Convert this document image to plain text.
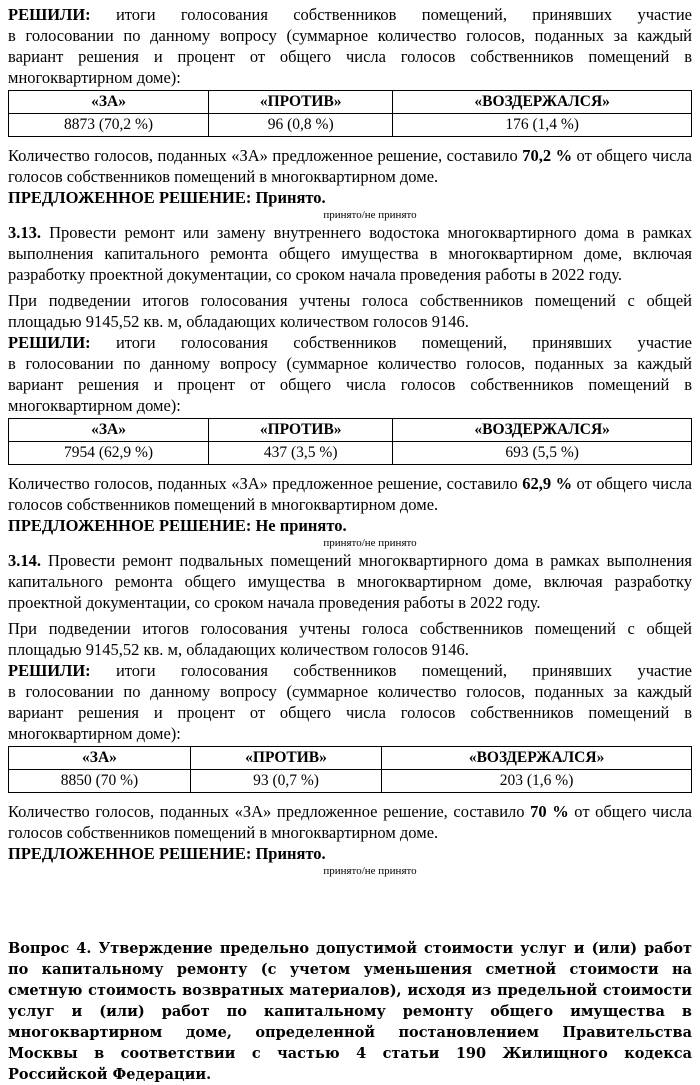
РЕШИЛИ: итоги голосования собственников помещений, принявших участие

в голосовании по данному вопросу (суммарное количество голосов, поданных за каждый вариант решения и процент от общего числа голосов собственников помещений в многоквартирном доме):

«ЗА»	«ПРОТИВ»	«ВОЗДЕРЖАЛСЯ»
8873 (70,2 %)	96 (0,8 %)	176 (1,4 %)

Количество голосов, поданных «ЗА» предложенное решение, составило 70,2 % от общего числа голосов собственников помещений в многоквартирном доме.

ПРЕДЛОЖЕННОЕ РЕШЕНИЕ: Принято.

принято/не принято

3.13. Провести ремонт или замену внутреннего водостока многоквартирного дома в рамках выполнения капитального ремонта общего имущества в многоквартирном доме, включая разработку проектной документации, со сроком начала проведения работы в 2022 году.

При подведении итогов голосования учтены голоса собственников помещений с общей площадью 9145,52 кв. м, обладающих количеством голосов 9146.

РЕШИЛИ: итоги голосования собственников помещений, принявших участие

в голосовании по данному вопросу (суммарное количество голосов, поданных за каждый вариант решения и процент от общего числа голосов собственников помещений в многоквартирном доме):

«ЗА»	«ПРОТИВ»	«ВОЗДЕРЖАЛСЯ»
7954 (62,9 %)	437 (3,5 %)	693 (5,5 %)

Количество голосов, поданных «ЗА» предложенное решение, составило 62,9 % от общего числа голосов собственников помещений в многоквартирном доме.

ПРЕДЛОЖЕННОЕ РЕШЕНИЕ: Не принято.

принято/не принято

3.14. Провести ремонт подвальных помещений многоквартирного дома в рамках выполнения капитального ремонта общего имущества в многоквартирном доме, включая разработку проектной документации, со сроком начала проведения работы в 2022 году.

При подведении итогов голосования учтены голоса собственников помещений с общей площадью 9145,52 кв. м, обладающих количеством голосов 9146.

РЕШИЛИ: итоги голосования собственников помещений, принявших участие

в голосовании по данному вопросу (суммарное количество голосов, поданных за каждый вариант решения и процент от общего числа голосов собственников помещений в многоквартирном доме):

«ЗА»	«ПРОТИВ»	«ВОЗДЕРЖАЛСЯ»
8850 (70 %)	93 (0,7 %)	203 (1,6 %)

Количество голосов, поданных «ЗА» предложенное решение, составило 70 % от общего числа голосов собственников помещений в многоквартирном доме.

ПРЕДЛОЖЕННОЕ РЕШЕНИЕ: Принято.

принято/не принято

Вопрос 4. Утверждение предельно допустимой стоимости услуг и (или) работ по капитальному ремонту (с учетом уменьшения сметной стоимости на сметную стоимость возвратных материалов), исходя из предельной стоимости услуг и (или) работ по капитальному ремонту общего имущества в многоквартирном доме, определенной постановлением Правительства Москвы в соответствии с частью 4 статьи 190 Жилищного кодекса Российской Федерации.
